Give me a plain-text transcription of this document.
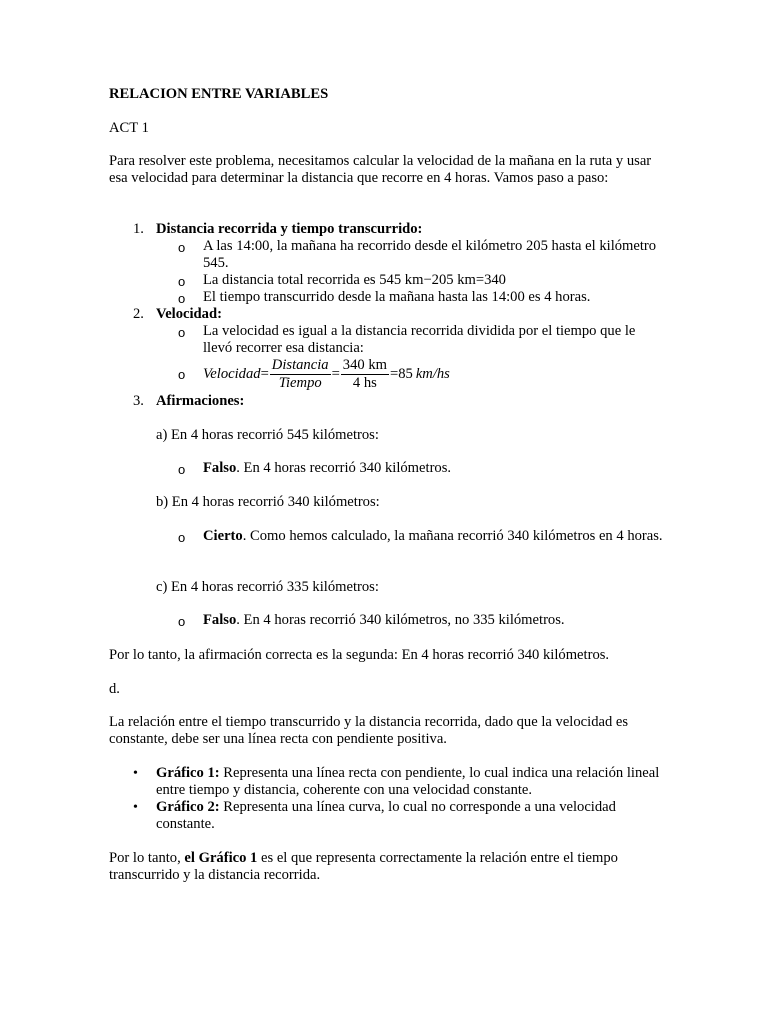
RELACION ENTRE VARIABLES

ACT 1

Para resolver este problema, necesitamos calcular la velocidad de la mañana en la ruta y usar esa velocidad para determinar la distancia que recorre en 4 horas. Vamos paso a paso:

1. Distancia recorrida y tiempo transcurrido:
o A las 14:00, la mañana ha recorrido desde el kilómetro 205 hasta el kilómetro 545.
o La distancia total recorrida es 545 km−205 km=340
o El tiempo transcurrido desde la mañana hasta las 14:00 es 4 horas.
2. Velocidad:
o La velocidad es igual a la distancia recorrida dividida por el tiempo que le llevó recorrer esa distancia:
o Velocidad = $\frac{\text{Distancia}}{\text{Tiempo}} = \frac{340 km}{4 hs} = 85$ km/hs
3. Afirmaciones:
a) En 4 horas recorrió 545 kilómetros:
o Falso. En 4 horas recorrió 340 kilómetros.
b) En 4 horas recorrió 340 kilómetros:
o Cierto. Como hemos calculado, la mañana recorrió 340 kilómetros en 4 horas.
c) En 4 horas recorrió 335 kilómetros:
o Falso. En 4 horas recorrió 340 kilómetros, no 335 kilómetros.

Por lo tanto, la afirmación correcta es la segunda: En 4 horas recorrió 340 kilómetros.

d.

La relación entre el tiempo transcurrido y la distancia recorrida, dado que la velocidad es constante, debe ser una línea recta con pendiente positiva.

• Gráfico 1: Representa una línea recta con pendiente, lo cual indica una relación lineal entre tiempo y distancia, coherente con una velocidad constante.
• Gráfico 2: Representa una línea curva, lo cual no corresponde a una velocidad constante.

Por lo tanto, el Gráfico 1 es el que representa correctamente la relación entre el tiempo transcurrido y la distancia recorrida.
